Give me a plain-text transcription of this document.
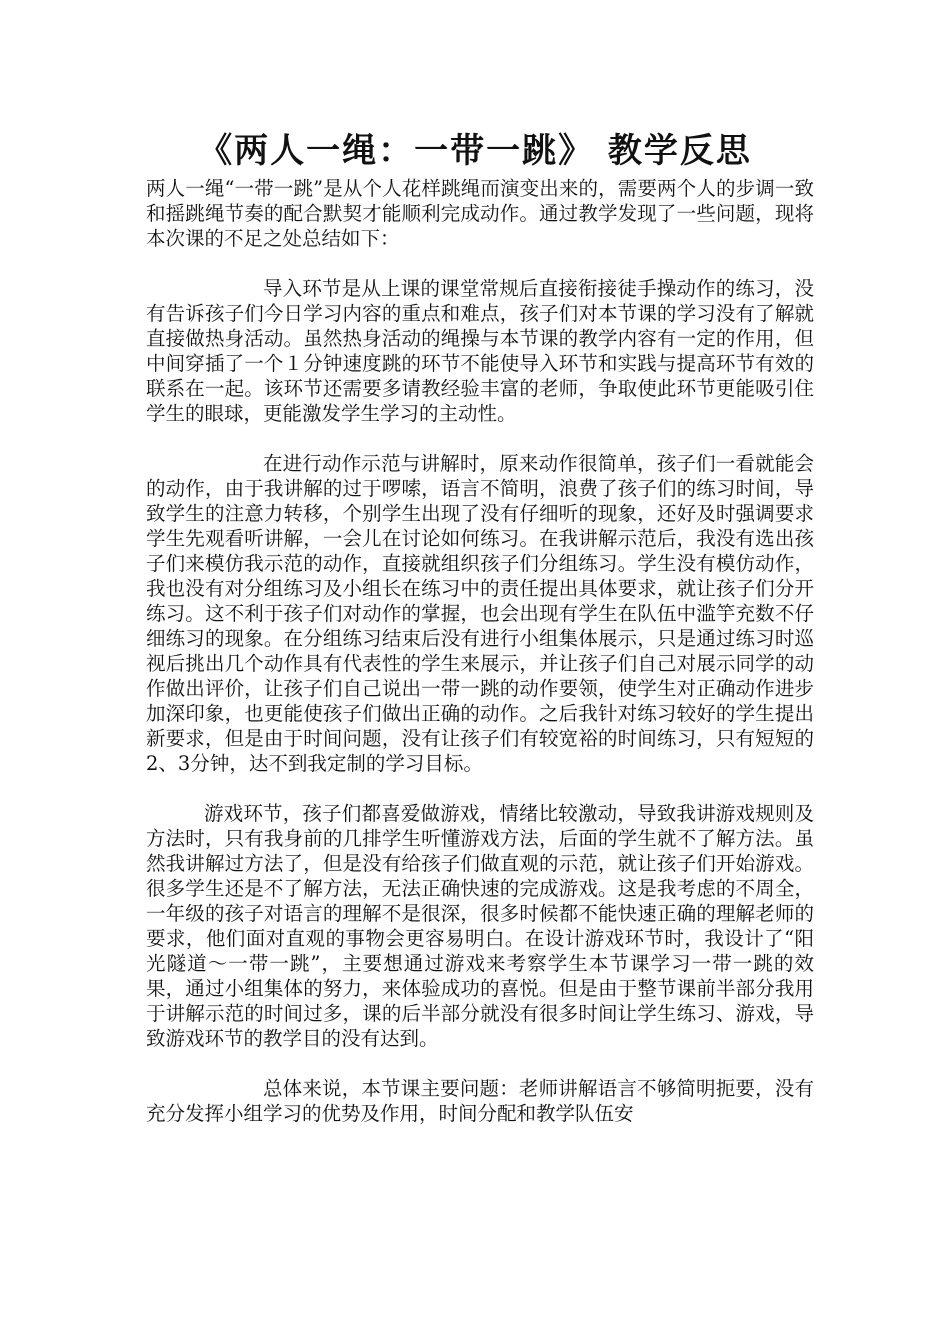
《两人一绳：一带一跳》 教学反思

两人一绳“一带一跳”是从个人花样跳绳而演变出来的，需要两个人的步调一致和摇跳绳节奏的配合默契才能顺利完成动作。通过教学发现了一些问题，现将本次课的不足之处总结如下：

导入环节是从上课的课堂常规后直接衔接徒手操动作的练习，没有告诉孩子们今日学习内容的重点和难点，孩子们对本节课的学习没有了解就直接做热身活动。虽然热身活动的绳操与本节课的教学内容有一定的作用，但中间穿插了一个１分钟速度跳的环节不能使导入环节和实践与提高环节有效的联系在一起。该环节还需要多请教经验丰富的老师，争取使此环节更能吸引住学生的眼球，更能激发学生学习的主动性。

在进行动作示范与讲解时，原来动作很简单，孩子们一看就能会的动作，由于我讲解的过于啰嗦，语言不简明，浪费了孩子们的练习时间，导致学生的注意力转移，个别学生出现了没有仔细听的现象，还好及时强调要求学生先观看听讲解，一会儿在讨论如何练习。在我讲解示范后，我没有选出孩子们来模仿我示范的动作，直接就组织孩子们分组练习。学生没有模仿动作，我也没有对分组练习及小组长在练习中的责任提出具体要求，就让孩子们分开练习。这不利于孩子们对动作的掌握，也会出现有学生在队伍中滥竽充数不仔细练习的现象。在分组练习结束后没有进行小组集体展示，只是通过练习时巡视后挑出几个动作具有代表性的学生来展示，并让孩子们自己对展示同学的动作做出评价，让孩子们自己说出一带一跳的动作要领，使学生对正确动作进步加深印象，也更能使孩子们做出正确的动作。之后我针对练习较好的学生提出新要求，但是由于时间问题，没有让孩子们有较宽裕的时间练习，只有短短的2、3分钟，达不到我定制的学习目标。

游戏环节，孩子们都喜爱做游戏，情绪比较激动，导致我讲游戏规则及方法时，只有我身前的几排学生听懂游戏方法，后面的学生就不了解方法。虽然我讲解过方法了，但是没有给孩子们做直观的示范，就让孩子们开始游戏。很多学生还是不了解方法，无法正确快速的完成游戏。这是我考虑的不周全，一年级的孩子对语言的理解不是很深，很多时候都不能快速正确的理解老师的要求，他们面对直观的事物会更容易明白。在设计游戏环节时，我设计了“阳光隧道～一带一跳”，主要想通过游戏来考察学生本节课学习一带一跳的效果，通过小组集体的努力，来体验成功的喜悦。但是由于整节课前半部分我用于讲解示范的时间过多，课的后半部分就没有很多时间让学生练习、游戏，导致游戏环节的教学目的没有达到。

总体来说，本节课主要问题：老师讲解语言不够简明扼要，没有充分发挥小组学习的优势及作用，时间分配和教学队伍安
